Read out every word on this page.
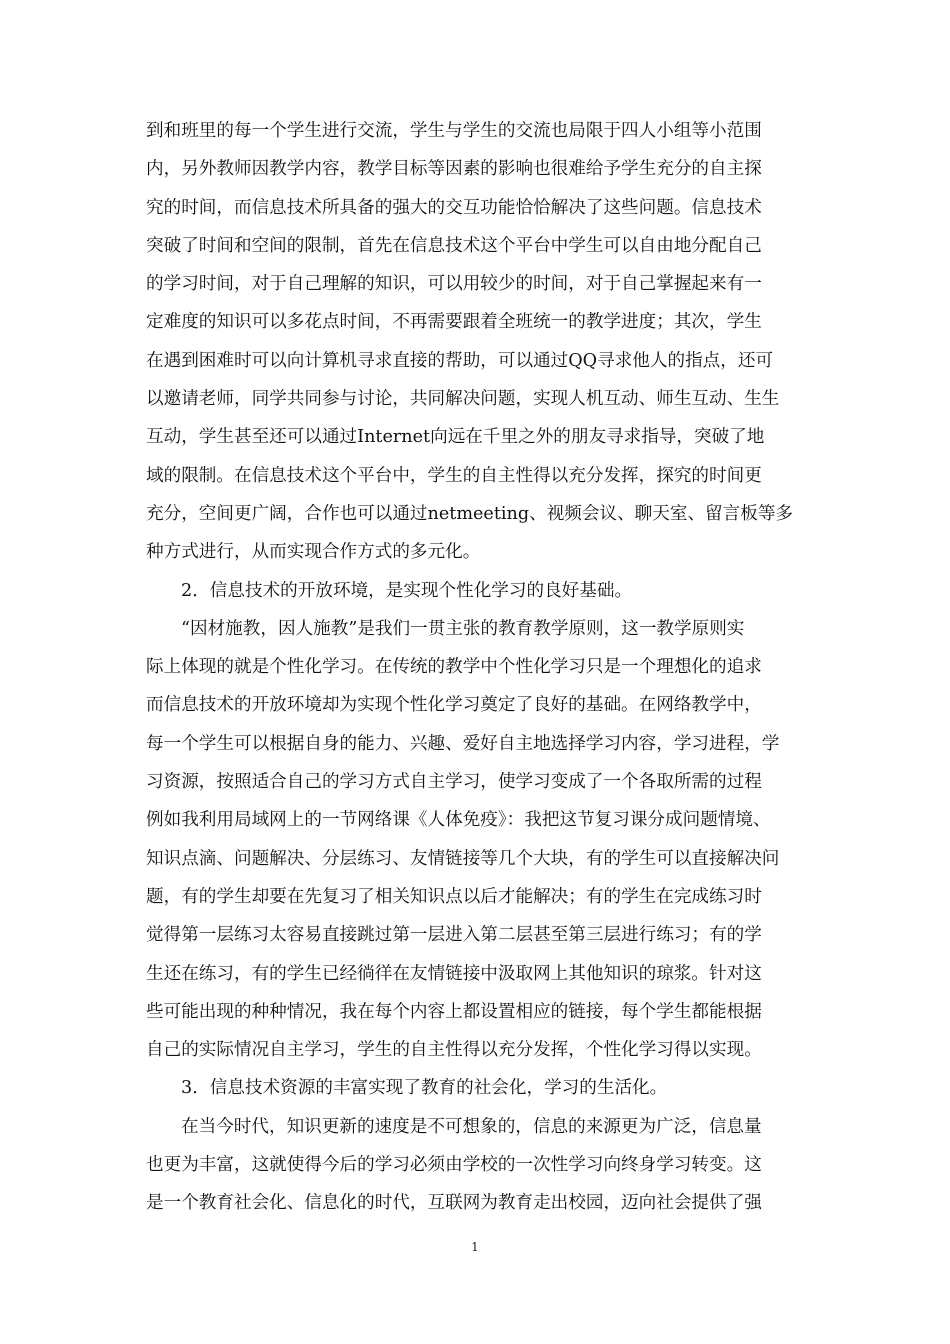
到和班里的每一个学生进行交流，学生与学生的交流也局限于四人小组等小范围
内，另外教师因教学内容，教学目标等因素的影响也很难给予学生充分的自主探
究的时间，而信息技术所具备的强大的交互功能恰恰解决了这些问题。信息技术
突破了时间和空间的限制，首先在信息技术这个平台中学生可以自由地分配自己
的学习时间，对于自己理解的知识，可以用较少的时间，对于自己掌握起来有一
定难度的知识可以多花点时间，不再需要跟着全班统一的教学进度；其次，学生
在遇到困难时可以向计算机寻求直接的帮助，可以通过QQ寻求他人的指点，还可
以邀请老师，同学共同参与讨论，共同解决问题，实现人机互动、师生互动、生生
互动，学生甚至还可以通过Internet向远在千里之外的朋友寻求指导，突破了地
域的限制。在信息技术这个平台中，学生的自主性得以充分发挥，探究的时间更
充分，空间更广阔，合作也可以通过netmeeting、视频会议、聊天室、留言板等多
种方式进行，从而实现合作方式的多元化。
2．信息技术的开放环境，是实现个性化学习的良好基础。
“因材施教，因人施教”是我们一贯主张的教育教学原则，这一教学原则实
际上体现的就是个性化学习。在传统的教学中个性化学习只是一个理想化的追求
而信息技术的开放环境却为实现个性化学习奠定了良好的基础。在网络教学中，
每一个学生可以根据自身的能力、兴趣、爱好自主地选择学习内容，学习进程，学
习资源，按照适合自己的学习方式自主学习，使学习变成了一个各取所需的过程
例如我利用局域网上的一节网络课《人体免疫》：我把这节复习课分成问题情境、
知识点滴、问题解决、分层练习、友情链接等几个大块，有的学生可以直接解决问
题，有的学生却要在先复习了相关知识点以后才能解决；有的学生在完成练习时
觉得第一层练习太容易直接跳过第一层进入第二层甚至第三层进行练习；有的学
生还在练习，有的学生已经徜徉在友情链接中汲取网上其他知识的琼浆。针对这
些可能出现的种种情况，我在每个内容上都设置相应的链接，每个学生都能根据
自己的实际情况自主学习，学生的自主性得以充分发挥，个性化学习得以实现。
3．信息技术资源的丰富实现了教育的社会化，学习的生活化。
在当今时代，知识更新的速度是不可想象的，信息的来源更为广泛，信息量
也更为丰富，这就使得今后的学习必须由学校的一次性学习向终身学习转变。这
是一个教育社会化、信息化的时代，互联网为教育走出校园，迈向社会提供了强
1
